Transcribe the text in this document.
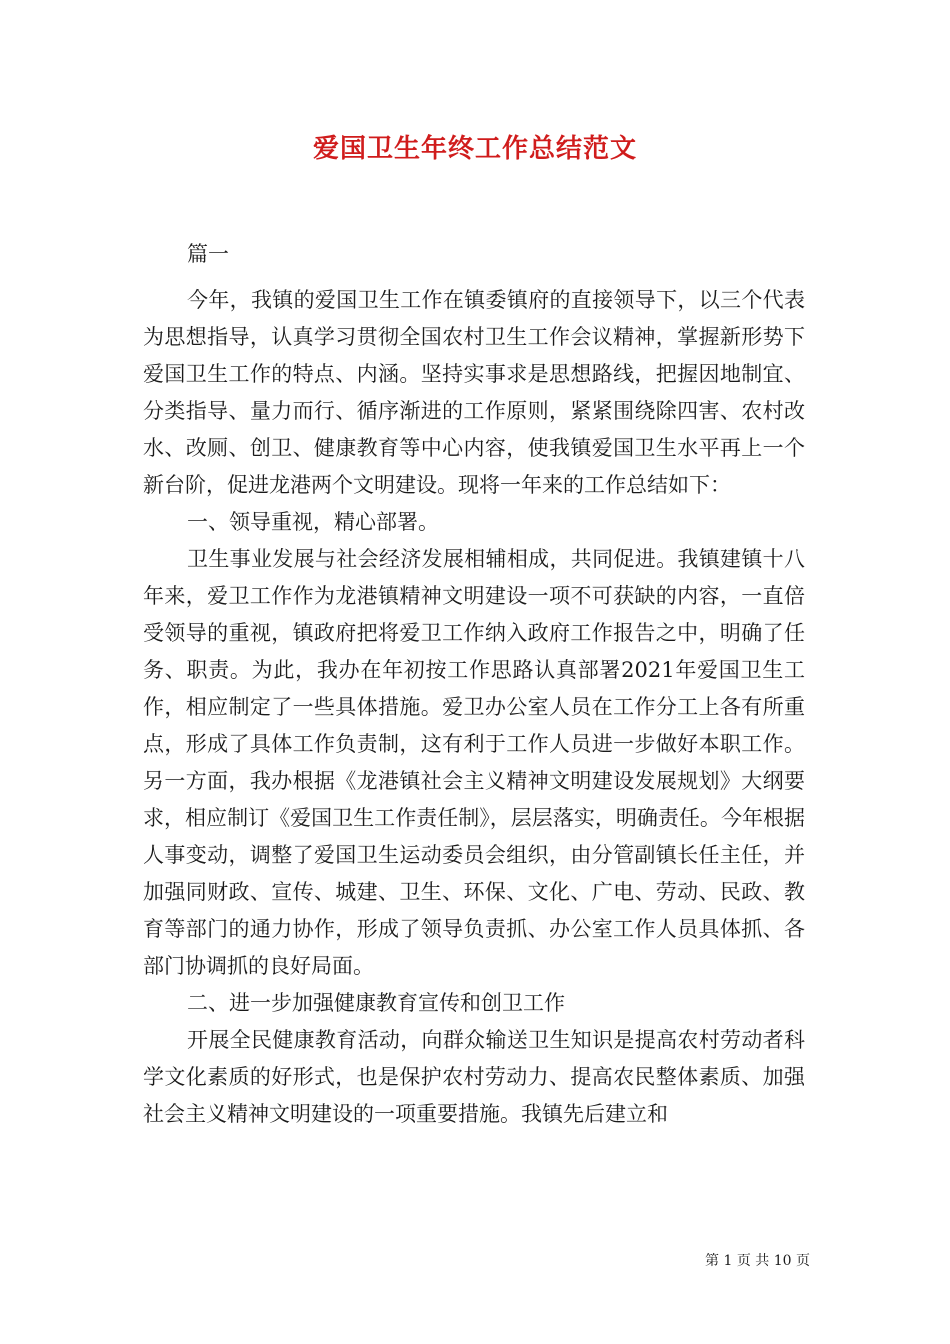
爱国卫生年终工作总结范文

篇一

今年，我镇的爱国卫生工作在镇委镇府的直接领导下，以三个代表为思想指导，认真学习贯彻全国农村卫生工作会议精神，掌握新形势下爱国卫生工作的特点、内涵。坚持实事求是思想路线，把握因地制宜、分类指导、量力而行、循序渐进的工作原则，紧紧围绕除四害、农村改水、改厕、创卫、健康教育等中心内容，使我镇爱国卫生水平再上一个新台阶，促进龙港两个文明建设。现将一年来的工作总结如下：

一、领导重视，精心部署。

卫生事业发展与社会经济发展相辅相成，共同促进。我镇建镇十八年来，爱卫工作作为龙港镇精神文明建设一项不可获缺的内容，一直倍受领导的重视，镇政府把将爱卫工作纳入政府工作报告之中，明确了任务、职责。为此，我办在年初按工作思路认真部署2021年爱国卫生工作，相应制定了一些具体措施。爱卫办公室人员在工作分工上各有所重点，形成了具体工作负责制，这有利于工作人员进一步做好本职工作。另一方面，我办根据《龙港镇社会主义精神文明建设发展规划》大纲要求，相应制订《爱国卫生工作责任制》，层层落实，明确责任。今年根据人事变动，调整了爱国卫生运动委员会组织，由分管副镇长任主任，并加强同财政、宣传、城建、卫生、环保、文化、广电、劳动、民政、教育等部门的通力协作，形成了领导负责抓、办公室工作人员具体抓、各部门协调抓的良好局面。

二、进一步加强健康教育宣传和创卫工作

开展全民健康教育活动，向群众输送卫生知识是提高农村劳动者科学文化素质的好形式，也是保护农村劳动力、提高农民整体素质、加强社会主义精神文明建设的一项重要措施。我镇先后建立和

第 1 页 共 10 页
